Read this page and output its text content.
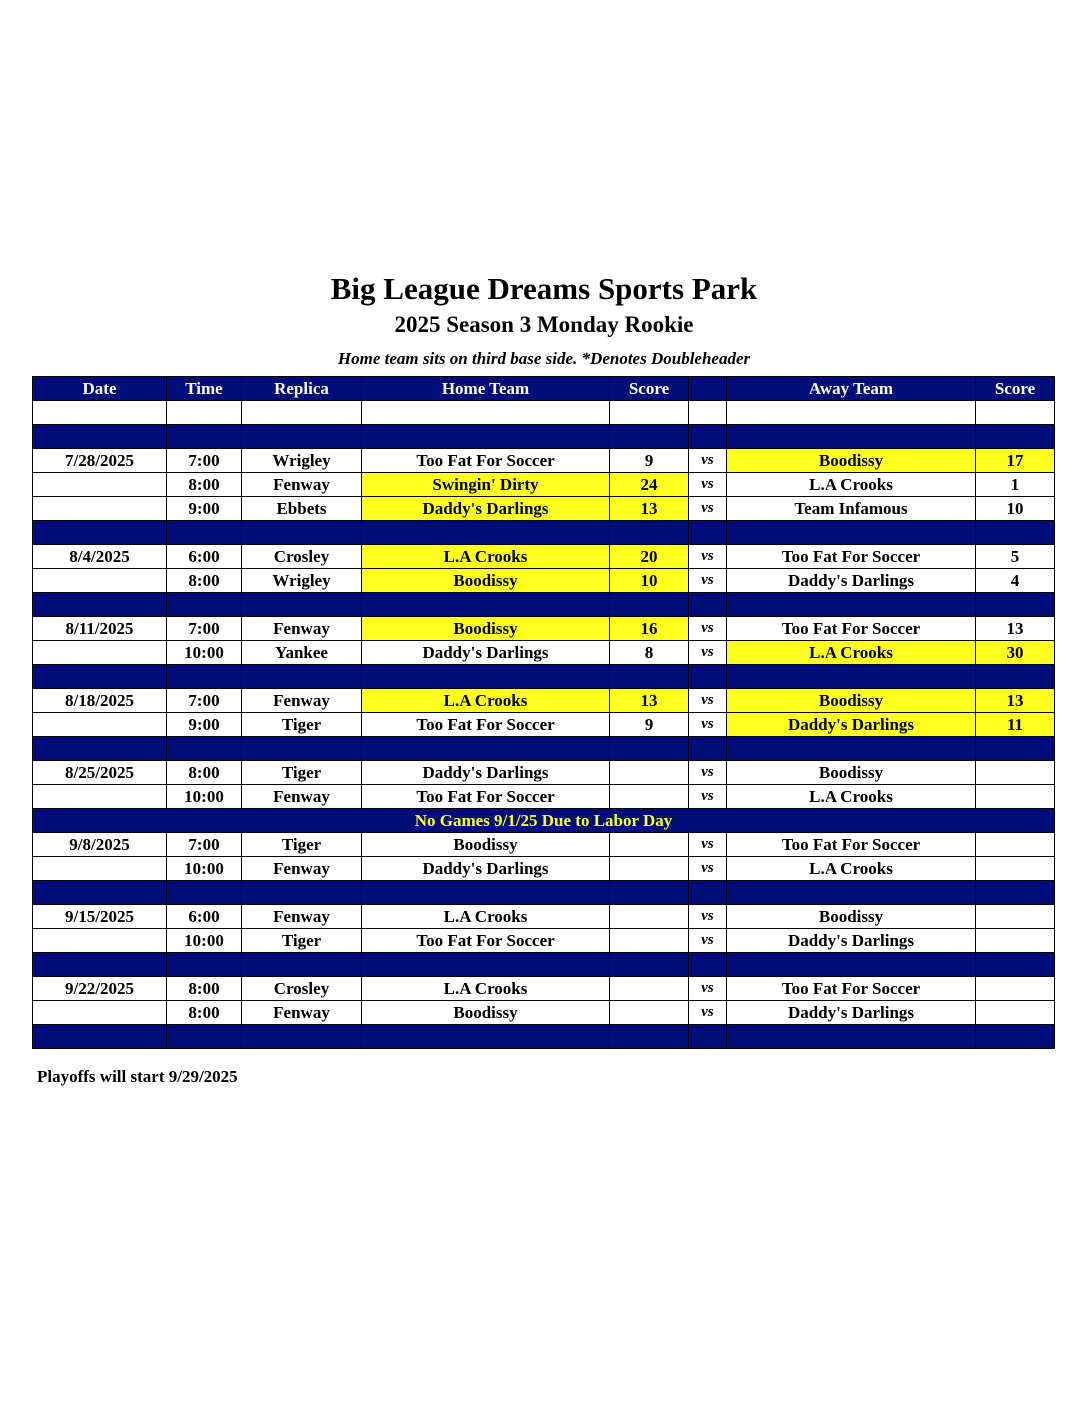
Big League Dreams Sports Park
2025 Season 3 Monday Rookie
Home team sits on third base side. *Denotes Doubleheader
Date	Time	Replica	Home Team	Score		Away Team	Score

7/28/2025	7:00	Wrigley	Too Fat For Soccer	9	vs	Boodissy	17
	8:00	Fenway	Swingin' Dirty	24	vs	L.A Crooks	1
	9:00	Ebbets	Daddy's Darlings	13	vs	Team Infamous	10

8/4/2025	6:00	Crosley	L.A Crooks	20	vs	Too Fat For Soccer	5
	8:00	Wrigley	Boodissy	10	vs	Daddy's Darlings	4

8/11/2025	7:00	Fenway	Boodissy	16	vs	Too Fat For Soccer	13
	10:00	Yankee	Daddy's Darlings	8	vs	L.A Crooks	30

8/18/2025	7:00	Fenway	L.A Crooks	13	vs	Boodissy	13
	9:00	Tiger	Too Fat For Soccer	9	vs	Daddy's Darlings	11

8/25/2025	8:00	Tiger	Daddy's Darlings		vs	Boodissy	
	10:00	Fenway	Too Fat For Soccer		vs	L.A Crooks	
No Games 9/1/25 Due to Labor Day							
9/8/2025	7:00	Tiger	Boodissy		vs	Too Fat For Soccer	
	10:00	Fenway	Daddy's Darlings		vs	L.A Crooks	

9/15/2025	6:00	Fenway	L.A Crooks		vs	Boodissy	
	10:00	Tiger	Too Fat For Soccer		vs	Daddy's Darlings	

9/22/2025	8:00	Crosley	L.A Crooks		vs	Too Fat For Soccer	
	8:00	Fenway	Boodissy		vs	Daddy's Darlings	

Playoffs will start 9/29/2025
